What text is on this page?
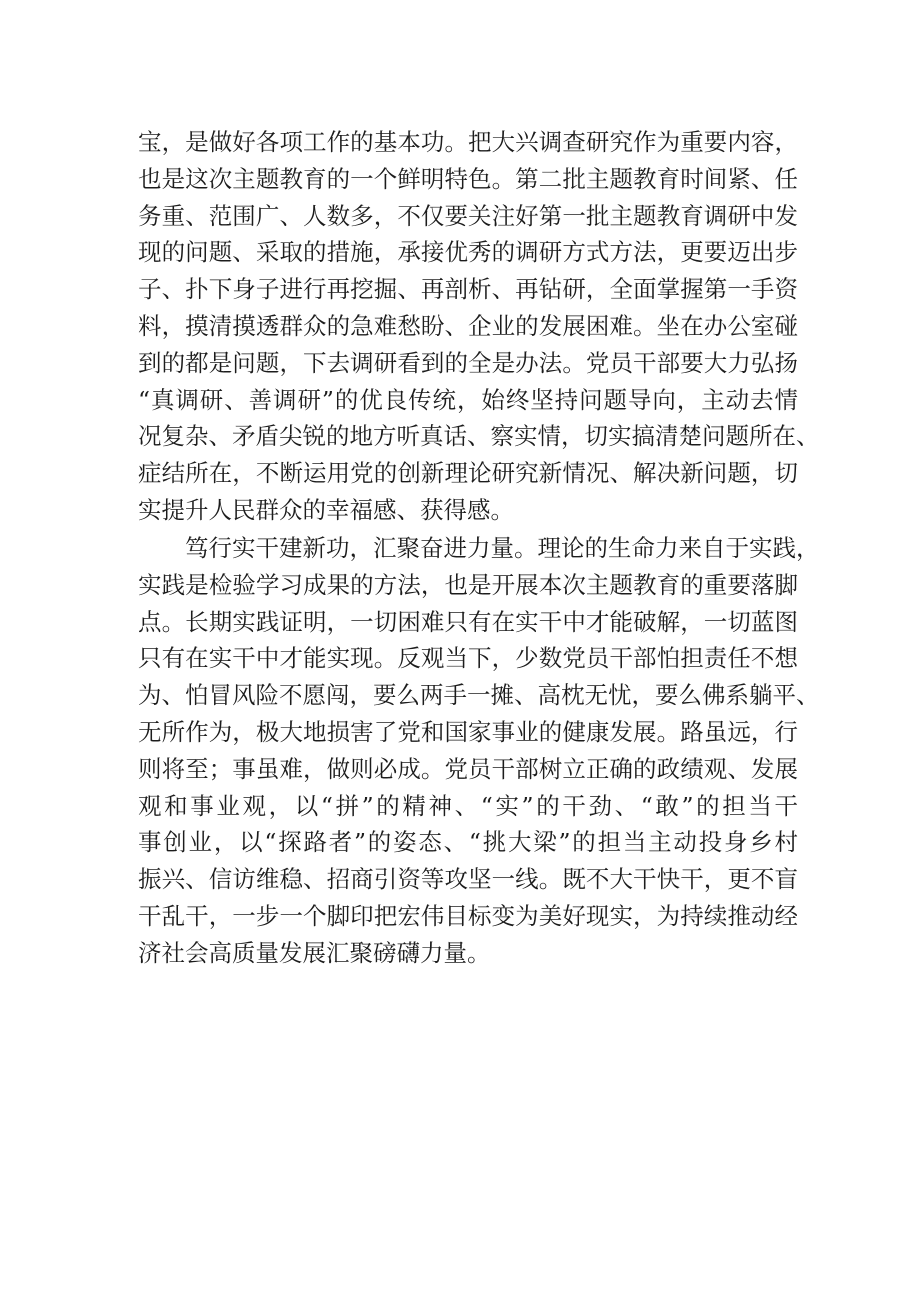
宝，是做好各项工作的基本功。把大兴调查研究作为重要内容，
也是这次主题教育的一个鲜明特色。第二批主题教育时间紧、任
务重、范围广、人数多，不仅要关注好第一批主题教育调研中发
现的问题、采取的措施，承接优秀的调研方式方法，更要迈出步
子、扑下身子进行再挖掘、再剖析、再钻研，全面掌握第一手资
料，摸清摸透群众的急难愁盼、企业的发展困难。坐在办公室碰
到的都是问题，下去调研看到的全是办法。党员干部要大力弘扬
“真调研、善调研”的优良传统，始终坚持问题导向，主动去情
况复杂、矛盾尖锐的地方听真话、察实情，切实搞清楚问题所在、
症结所在，不断运用党的创新理论研究新情况、解决新问题，切
实提升人民群众的幸福感、获得感。
笃行实干建新功，汇聚奋进力量。理论的生命力来自于实践，
实践是检验学习成果的方法，也是开展本次主题教育的重要落脚
点。长期实践证明，一切困难只有在实干中才能破解，一切蓝图
只有在实干中才能实现。反观当下，少数党员干部怕担责任不想
为、怕冒风险不愿闯，要么两手一摊、高枕无忧，要么佛系躺平、
无所作为，极大地损害了党和国家事业的健康发展。路虽远，行
则将至；事虽难，做则必成。党员干部树立正确的政绩观、发展
观和事业观，以“拼”的精神、“实”的干劲、“敢”的担当干
事创业，以“探路者”的姿态、“挑大梁”的担当主动投身乡村
振兴、信访维稳、招商引资等攻坚一线。既不大干快干，更不盲
干乱干，一步一个脚印把宏伟目标变为美好现实，为持续推动经
济社会高质量发展汇聚磅礴力量。
